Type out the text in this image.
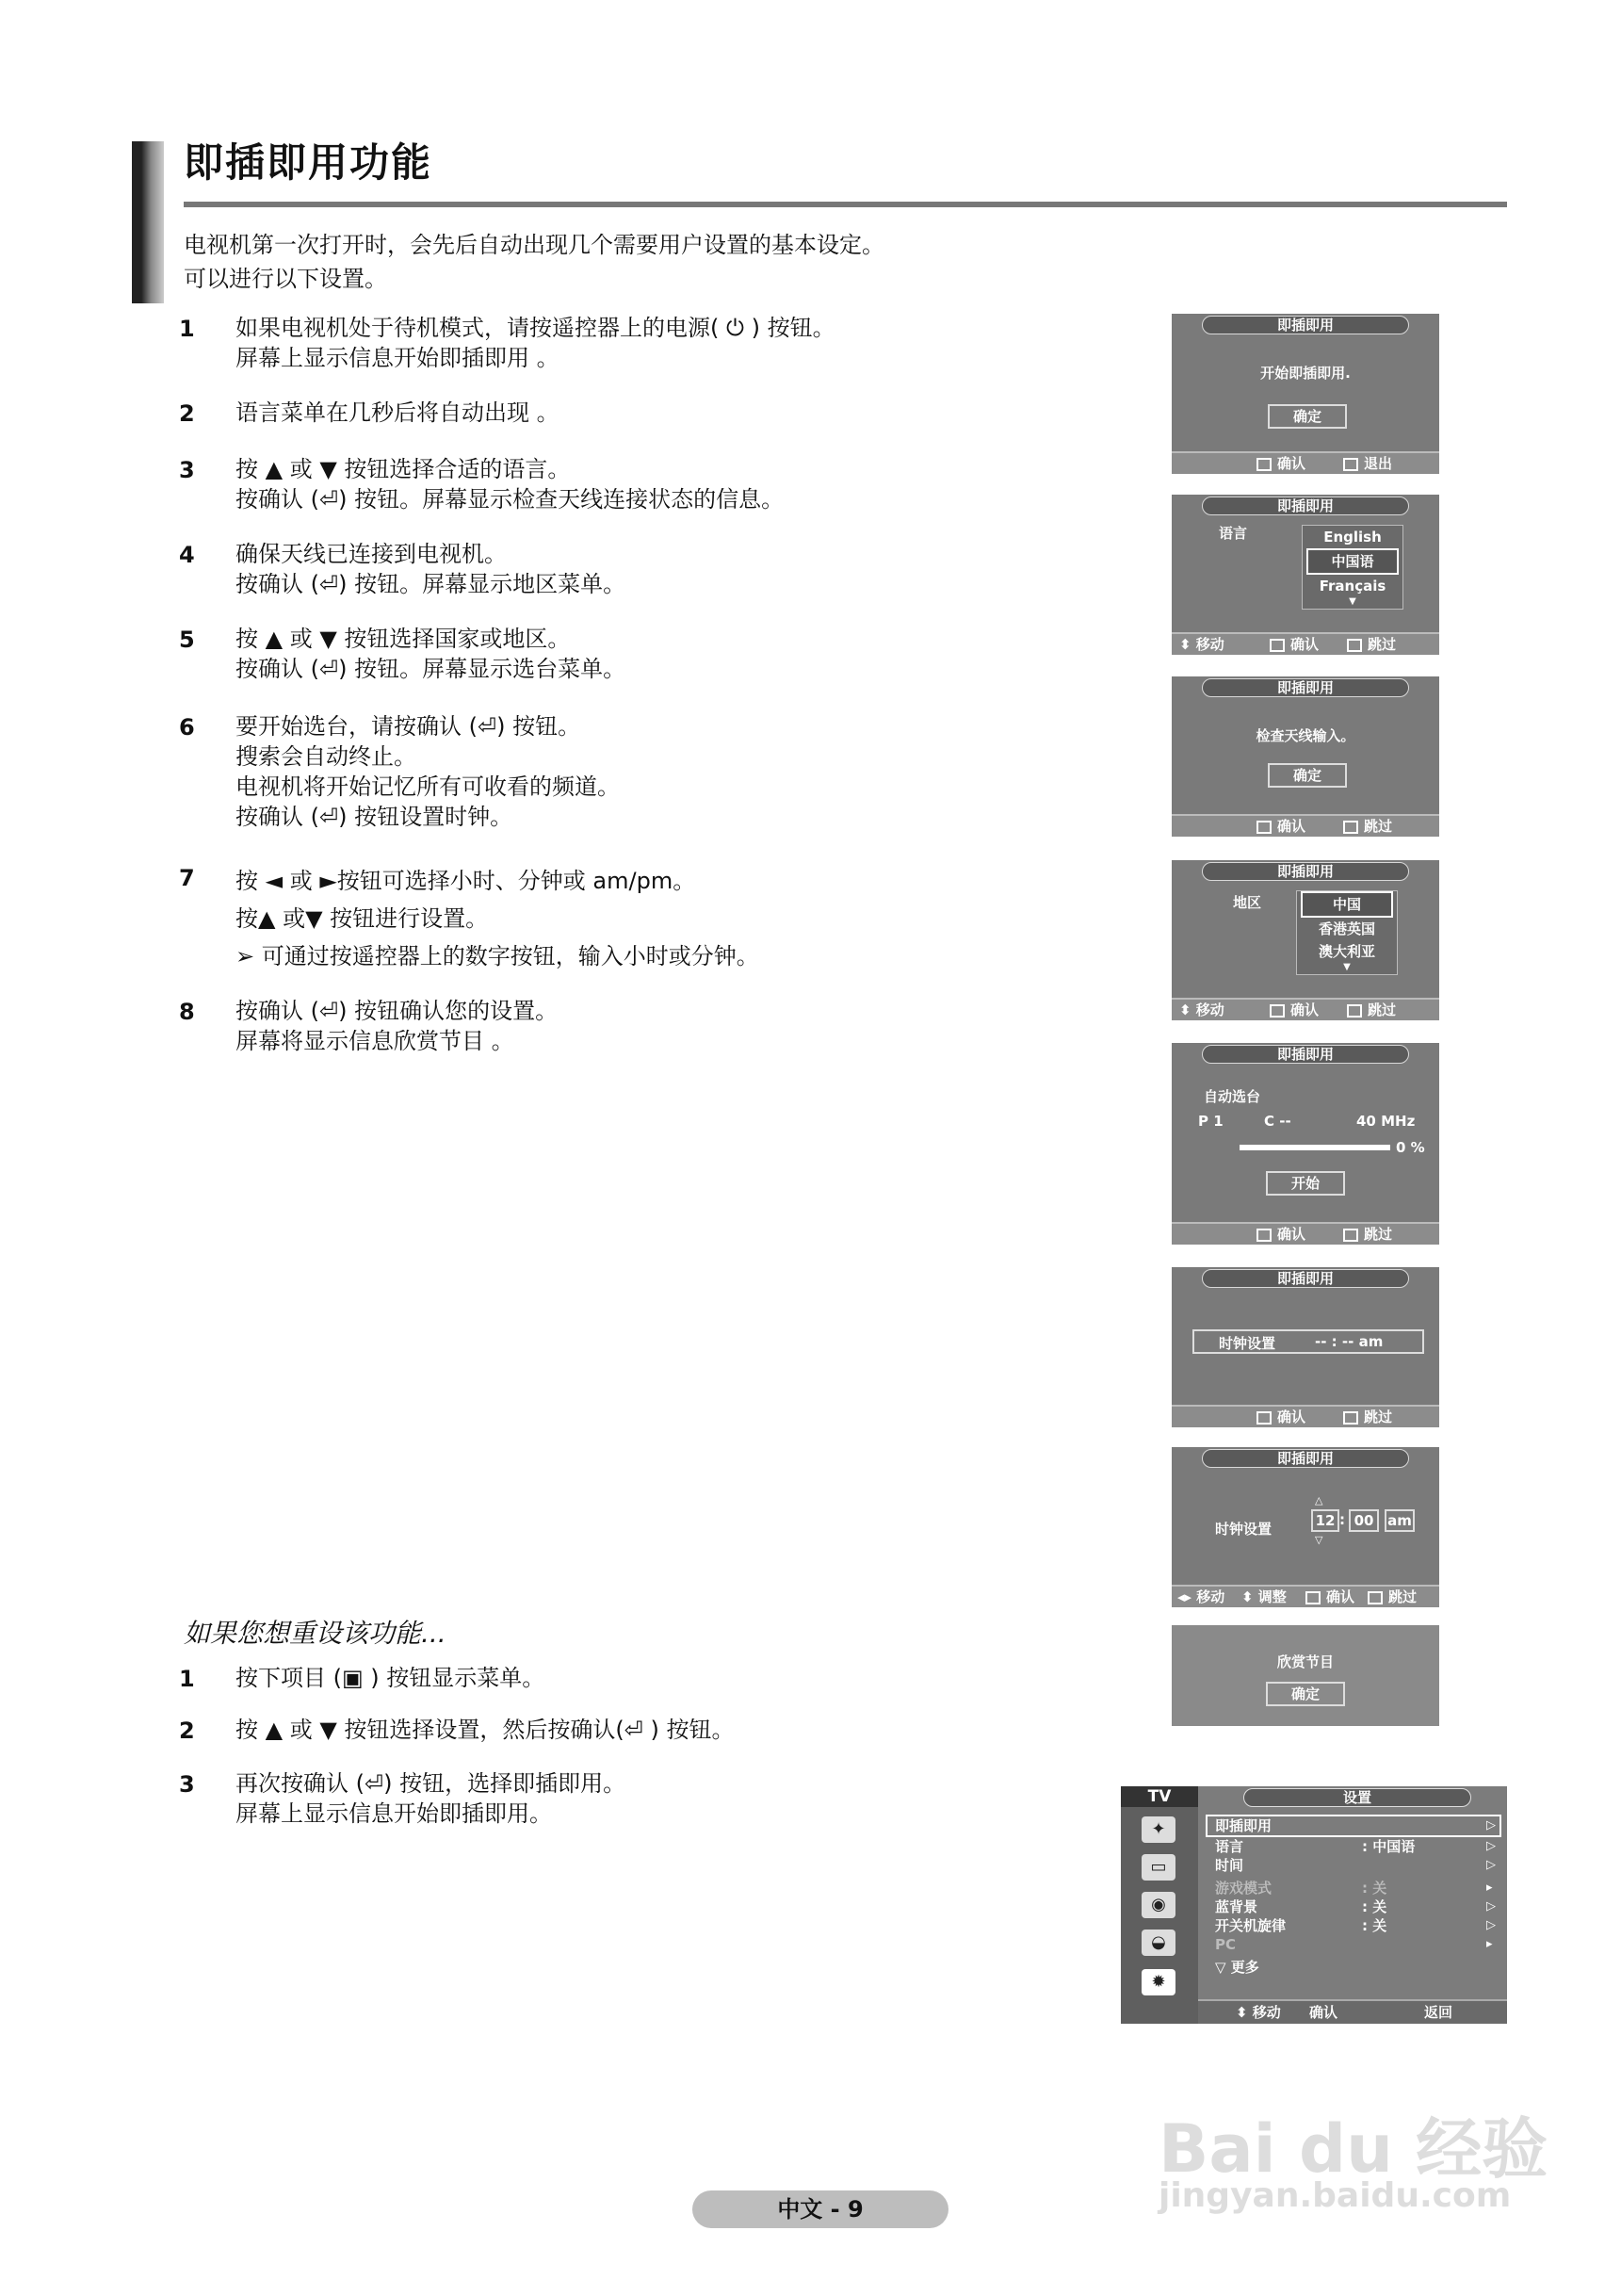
即插即用功能
电视机第一次打开时，会先后自动出现几个需要用户设置的基本设定。
可以进行以下设置。
1 如果电视机处于待机模式，请按遥控器上的电源( ⏻ ) 按钮。
屏幕上显示信息开始即插即用 。
2 语言菜单在几秒后将自动出现 。
3 按 ▲ 或 ▼ 按钮选择合适的语言。
按确认 (⏎) 按钮。屏幕显示检查天线连接状态的信息。
4 确保天线已连接到电视机。
按确认 (⏎) 按钮。屏幕显示地区菜单。
5 按 ▲ 或 ▼ 按钮选择国家或地区。
按确认 (⏎) 按钮。屏幕显示选台菜单。
6 要开始选台，请按确认 (⏎) 按钮。
搜索会自动终止。
电视机将开始记忆所有可收看的频道。
按确认 (⏎) 按钮设置时钟。
7 按 ◄ 或 ►按钮可选择小时、分钟或 am/pm。
按▲ 或▼ 按钮进行设置。
➢ 可通过按遥控器上的数字按钮，输入小时或分钟。
8 按确认 (⏎) 按钮确认您的设置。
屏幕将显示信息欣赏节目 。
如果您想重设该功能...
1 按下项目 (▣ ) 按钮显示菜单。
2 按 ▲ 或 ▼ 按钮选择设置，然后按确认(⏎ ) 按钮。
3 再次按确认 (⏎) 按钮，选择即插即用。
屏幕上显示信息开始即插即用。
即插即用
开始即插即用.
确定
确认	退出
即插即用
语言	English
中国语
Français
▼
⬍ 移动	确认	跳过
即插即用
检查天线输入。
确定
确认	跳过
即插即用
地区	中国
香港英国
澳大利亚
▼
⬍ 移动	确认	跳过
即插即用
自动选台
P 1	C --	40 MHz
0 %
开始
确认	跳过
即插即用
时钟设置	-- : -- am
确认	跳过
即插即用
时钟设置
△
▽
12 : 00 am
◂▸ 移动 ⬍ 调整	确认	跳过
欣赏节目
确定
TV
✦
▭
◉
◒
✹
设置
即插即用
语言	: 中国语
时间
游戏模式	: 关
蓝背景	: 关
开关机旋律	: 关
PC
▽ 更多
▷
▷
▷
▸
▷
▷
▸
⬍ 移动 确认	返回
Bai du 经验
jingyan.baidu.com
中文 - 9
